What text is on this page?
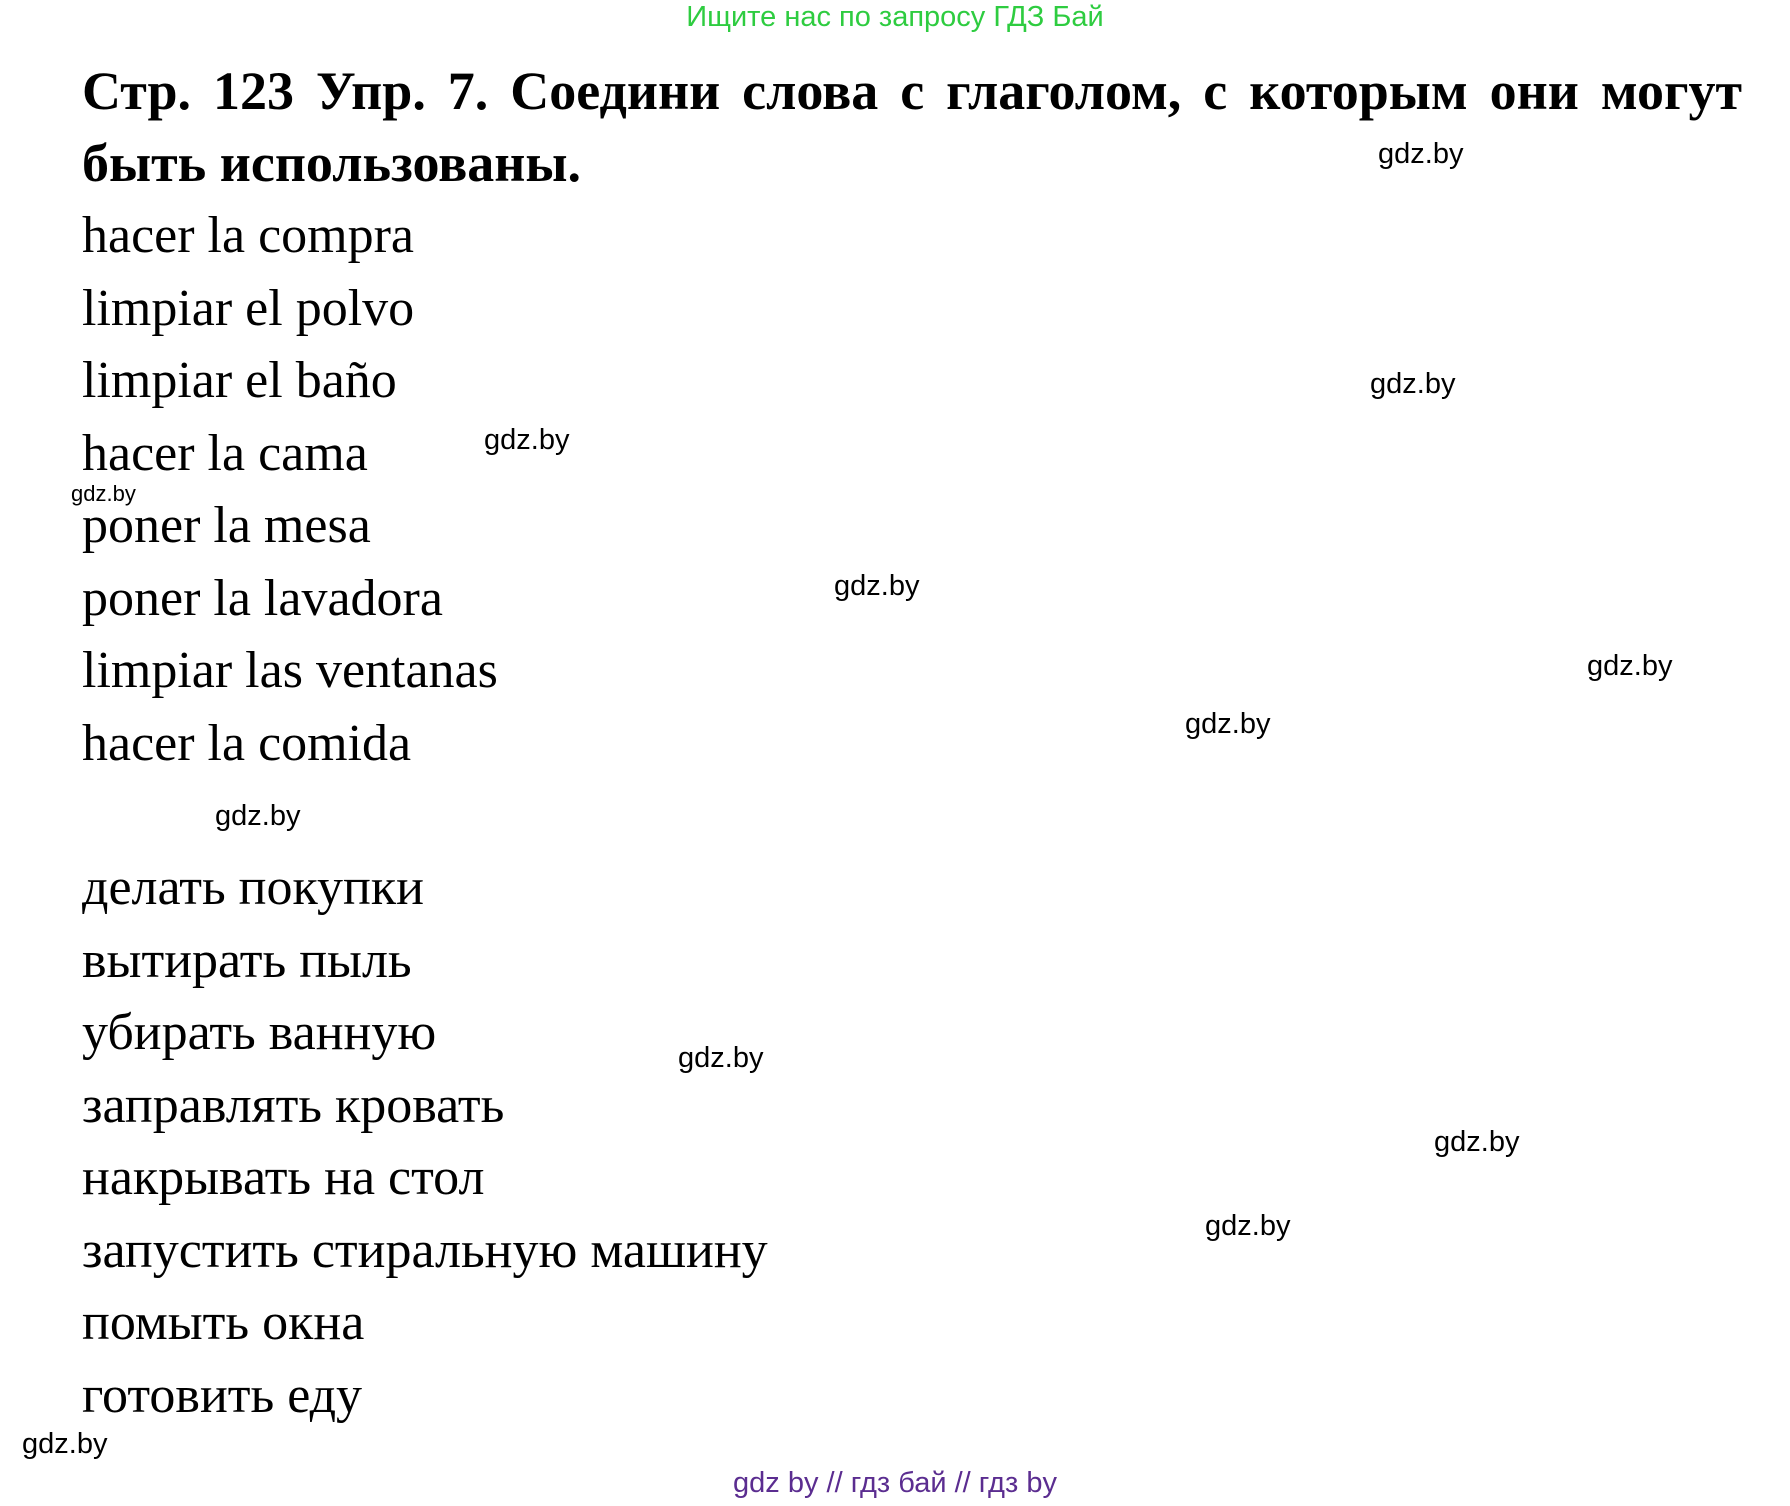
Ищите нас по запросу ГДЗ Бай
Стр. 123 Упр. 7. Соедини слова с глаголом, с которым они могут быть использованы.
hacer la compra
limpiar el polvo
limpiar el baño
hacer la cama
poner la mesa
poner la lavadora
limpiar las ventanas
hacer la comida
делать покупки
вытирать пыль
убирать ванную
заправлять кровать
накрывать на стол
запустить стиральную машину
помыть окна
готовить еду
gdz.by
gdz.by
gdz.by
gdz.by
gdz.by
gdz.by
gdz.by
gdz.by
gdz.by
gdz.by
gdz.by
gdz.by
gdz by // гдз бай // гдз by
